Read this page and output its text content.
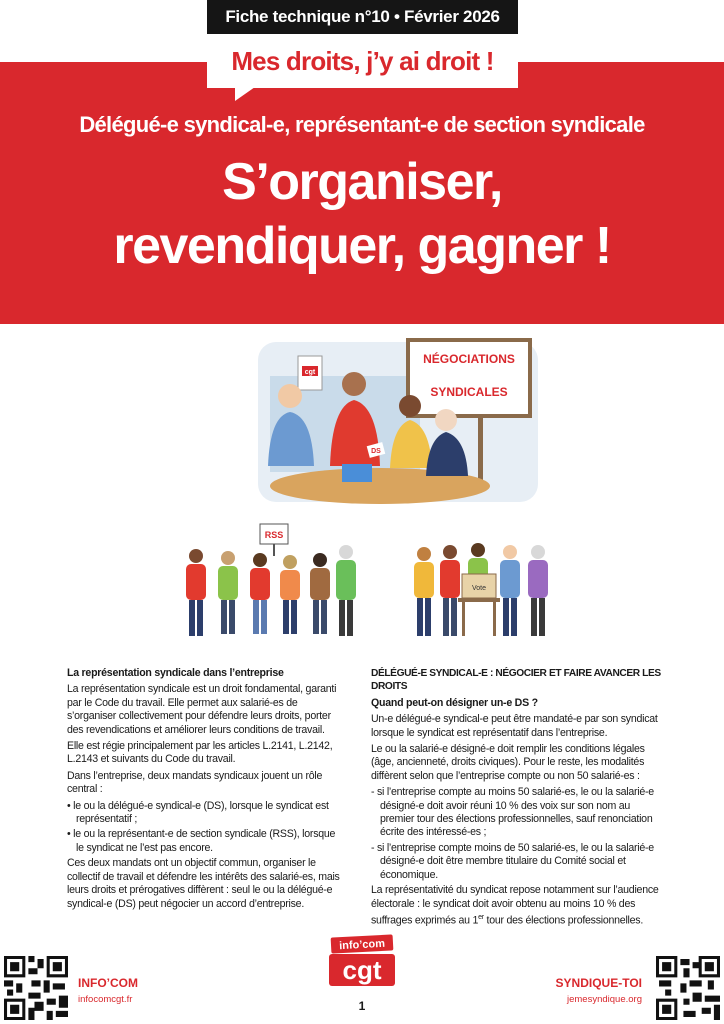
Fiche technique n°10 • Février 2026
Mes droits, j’y ai droit !
Délégué-e syndical-e, représentant-e de section syndicale
S’organiser,
revendiquer, gagner !
cgt
NÉGOCIATIONS
SYNDICALES
DS
RSS
Vote

La représentation syndicale dans l’entreprise

La représentation syndicale est un droit fondamental, garanti par le Code du travail. Elle permet aux salarié-es de s’organiser collectivement pour défendre leurs droits, porter des revendications et améliorer leurs conditions de travail.

Elle est régie principalement par les articles L.2141, L.2142, L.2143 et suivants du Code du travail.

Dans l’entreprise, deux mandats syndicaux jouent un rôle central :

• le ou la délégué-e syndical-e (DS), lorsque le syndicat est représentatif ;

• le ou la représentant-e de section syndicale (RSS), lorsque le syndicat ne l’est pas encore.

Ces deux mandats ont un objectif commun, organiser le collectif de travail et défendre les intérêts des salarié-es, mais leurs droits et prérogatives diffèrent : seul le ou la délégué-e syndical-e (DS) peut négocier un accord d’entreprise.

DÉLÉGUÉ-E SYNDICAL-E : NÉGOCIER ET FAIRE AVANCER LES DROITS

Quand peut-on désigner un-e DS ?

Un-e délégué-e syndical-e peut être mandaté-e par son syndicat lorsque le syndicat est représentatif dans l’entreprise.

Le ou la salarié-e désigné-e doit remplir les conditions légales (âge, ancienneté, droits civiques). Pour le reste, les modalités diffèrent selon que l’entreprise compte ou non 50 salarié-es :

- si l’entreprise compte au moins 50 salarié-es, le ou la salarié-e désigné-e doit avoir réuni 10 % des voix sur son nom au premier tour des élections professionnelles, sauf renonciation écrite des intéressé-es ;

- si l’entreprise compte moins de 50 salarié-es, le ou la salarié-e désigné-e doit être membre titulaire du Comité social et économique.

La représentativité du syndicat repose notamment sur l’audience électorale : le syndicat doit avoir obtenu au moins 10 % des suffrages exprimés au 1er tour des élections professionnelles.

INFO’COM
infocomcgt.fr
info’com
cgt
1
SYNDIQUE-TOI
jemesyndique.org
